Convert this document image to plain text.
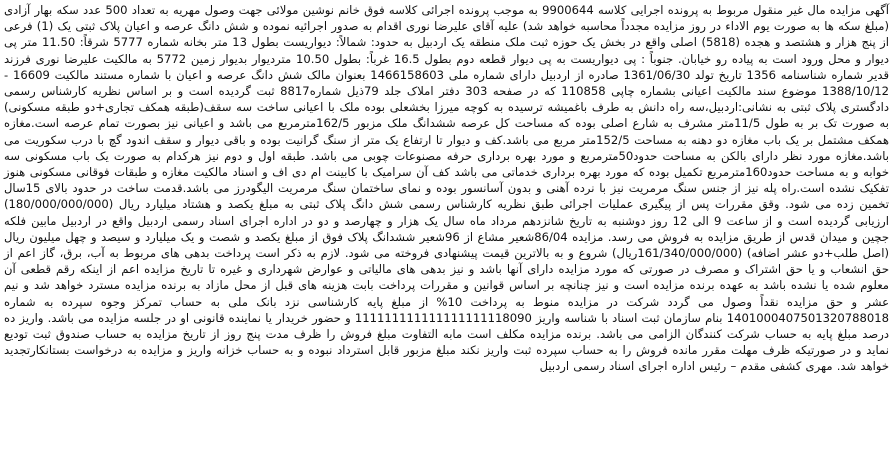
آگهی مزایده مال غیر منقول مربوط به پرونده اجرایی کلاسه 9900644 به موجب پرونده اجرائی کلاسه فوق خانم نوشین مولائی جهت وصول مهریه به تعداد 500 عدد سکه بهار آزادی (مبلغ سکه ها به صورت یوم الاداء در روز مزایده مجدداً محاسبه خواهد شد) علیه آقای علیرضا نوری اقدام به صدور اجرائیه نموده و شش دانگ عرصه و اعیان پلاک ثبتی یک (1) فرعی از پنج هزار و هشتصد و هجده (5818) اصلی واقع در بخش یک حوزه ثبت ملک منطقه یک اردبیل به حدود: شمالاً: دیواریست بطول 13 متر بخانه شماره 5777 شرقاً: 11.50 متر پی دیوار و محل ورود است به پیاده رو خیابان. جنوباً : پی دیواریست به پی دیوار قطعه دوم بطول 16.5 غرباً: بطول 10.50 مترديوار بديوار زمين 5772 به مالکيت عليرضا نوری فرزند قدیر شماره شناسنامه 1356 تاریخ تولد 1361/06/30 صادره از اردبیل دارای شماره ملی 1466158603 بعنوان مالک شش دانگ عرصه و اعیان با شماره مستند مالکیت 16609 - 1388/10/12 موضوع سند مالکیت اعیانی بشماره چاپی 110858 که در صفحه 303 دفتر املاک جلد 79ذیل شماره8817 ثبت گردیده است و بر اساس نظریه کارشناس رسمی دادگستری پلاک ثبتی به نشانی:اردبیل،سه راه دانش به طرف باغمیشه ترسیده به کوچه میرزا بخشعلی بوده ملک با اعیانی ساخت سه سقف(طبقه همکف تجاری+دو طبقه مسکونی) به صورت تک بر به طول 11/5متر مشرف به شارع اصلی بوده که مساحت کل عرصه ششدانگ ملک مزبور 162/5مترمربع می باشد و اعیانی نیز بصورت تمام عرصه است.مغازه همکف مشتمل بر یک باب مغازه دو دهنه به مساحت 152/5متر مربع می باشد.کف و دیوار تا ارتفاع یک متر از سنگ گرانیت بوده و باقی دیوار و سقف اندود گچ با درب سکوریت می باشد.مغازه مورد نظر دارای بالکن به مساحت حدود50مترمربع و مورد بهره برداری حرفه مصنوعات چوبی می باشد. طبقه اول و دوم نیز هرکدام به صورت یک باب مسکونی سه خوابه و به مساحت حدود160مترمربع تکمیل بوده که مورد بهره برداری خدماتی می باشد کف آن سرامیک با کابینت ام دی اف و اسناد مالکیت مغازه و طبقات فوقانی مسکونی هنوز تفکیک نشده است.راه پله نیز از جنس سنگ مرمریت نیز با نرده آهنی و بدون آسانسور بوده و نمای ساختمان سنگ مرمریت الیگودرز می باشد.قدمت ساخت در حدود بالای 15سال تخمین زده می شود. وقق مقررات پس از پیگیری عملیات اجرائی طبق نظریه کارشناس رسمی شش دانگ پلاک ثبتی به مبلغ یکصد و هشتاد میلیارد ریال (180/000/000/000) ارزیابی گردیده است و از ساعت 9 الی 12 روز دوشنبه به تاریخ شانزدهم مرداد ماه سال یک هزار و چهارصد و دو در اداره اجرای اسناد رسمی اردبیل واقع در اردبیل مابین فلکه جچین و میدان قدس از طریق مزایده به فروش می رسد. مزایده 86/04شعیر مشاع از 96شعیر ششدانگ پلاک فوق از مبلغ یکصد و شصت و یک میلیارد و سیصد و چهل میلیون ریال (اصل طلب+دو عشر اضافه) (161/340/000/000ریال) شروع و به بالاترین قیمت پیشنهادی فروخته می شود. لازم به ذکر است پرداخت بدهی های مربوط به آب، برق، گاز اعم از حق انشعاب و یا حق اشتراک و مصرف در صورتی که مورد مزایده دارای آنها باشد و نیز بدهی های مالیاتی و عوارض شهرداری و غیره تا تاریخ مزایده اعم از اینکه رقم قطعی آن معلوم شده یا نشده باشد به عهده برنده مزایده است و نیز چنانچه بر اساس قوانین و مقررات پرداخت بابت هزینه های قبل از محل مازاد به برنده مزایده مسترد خواهد شد و نیم عشر و حق مزایده نقداً وصول می گردد شرکت در مزایده منوط به پرداخت 10% از مبلغ پایه کارشناسی نزد بانک ملی به حساب تمرکز وجوه سپرده به شماره 1401000407501320788018 بنام سازمان ثبت اسناد با شناسه واریز 111111111111111111118090 و حضور خریدار یا نماینده قانونی او در جلسه مزایده می باشد. واریز ده درصد مبلغ پایه به حساب شرکت کنندگان الزامی می باشد. برنده مزایده مکلف است مابه التفاوت مبلغ فروش را ظرف مدت پنج روز از تاریخ مزایده به حساب صندوق ثبت تودیع نماید و در صورتیکه ظرف مهلت مقرر مانده فروش را به حساب سپرده ثبت واریز نکند مبلغ مزبور قابل استرداد نبوده و به حساب خزانه واریز و مزایده به درخواست بستانکارتجدید خواهد شد. مهری کشفی مقدم – رئیس اداره اجرای اسناد رسمی اردبیل
